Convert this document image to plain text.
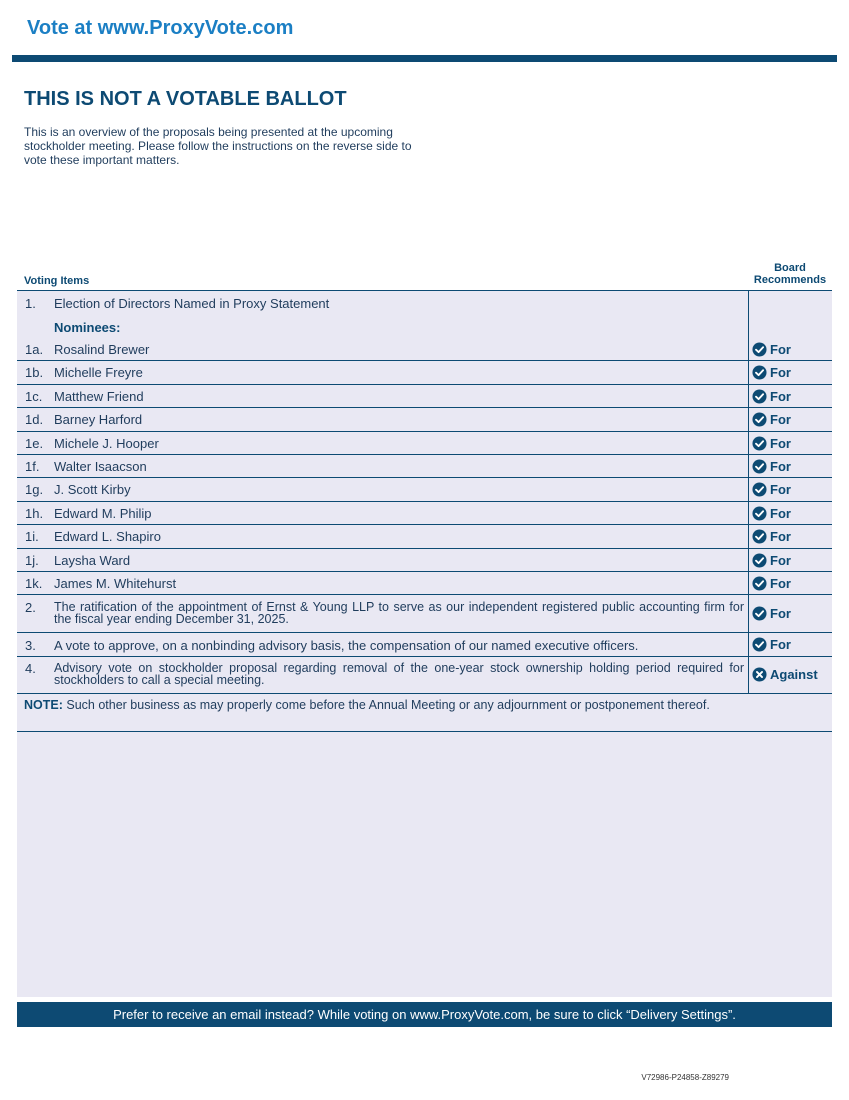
Vote at www.ProxyVote.com
THIS IS NOT A VOTABLE BALLOT
This is an overview of the proposals being presented at the upcoming stockholder meeting. Please follow the instructions on the reverse side to vote these important matters.
Voting Items
Board
Recommends
1. Election of Directors Named in Proxy Statement
Nominees:
1a. Rosalind Brewer	For
1b. Michelle Freyre	For
1c. Matthew Friend	For
1d. Barney Harford	For
1e. Michele J. Hooper	For
1f. Walter Isaacson	For
1g. J. Scott Kirby	For
1h. Edward M. Philip	For
1i. Edward L. Shapiro	For
1j. Laysha Ward	For
1k. James M. Whitehurst	For
2. The ratification of the appointment of Ernst & Young LLP to serve as our independent registered public accounting firm for the fiscal year ending December 31, 2025.	For
3. A vote to approve, on a nonbinding advisory basis, the compensation of our named executive officers.	For
4. Advisory vote on stockholder proposal regarding removal of the one-year stock ownership holding period required for stockholders to call a special meeting.	Against
NOTE: Such other business as may properly come before the Annual Meeting or any adjournment or postponement thereof.
Prefer to receive an email instead? While voting on www.ProxyVote.com, be sure to click “Delivery Settings”.
V72986-P24858-Z89279
